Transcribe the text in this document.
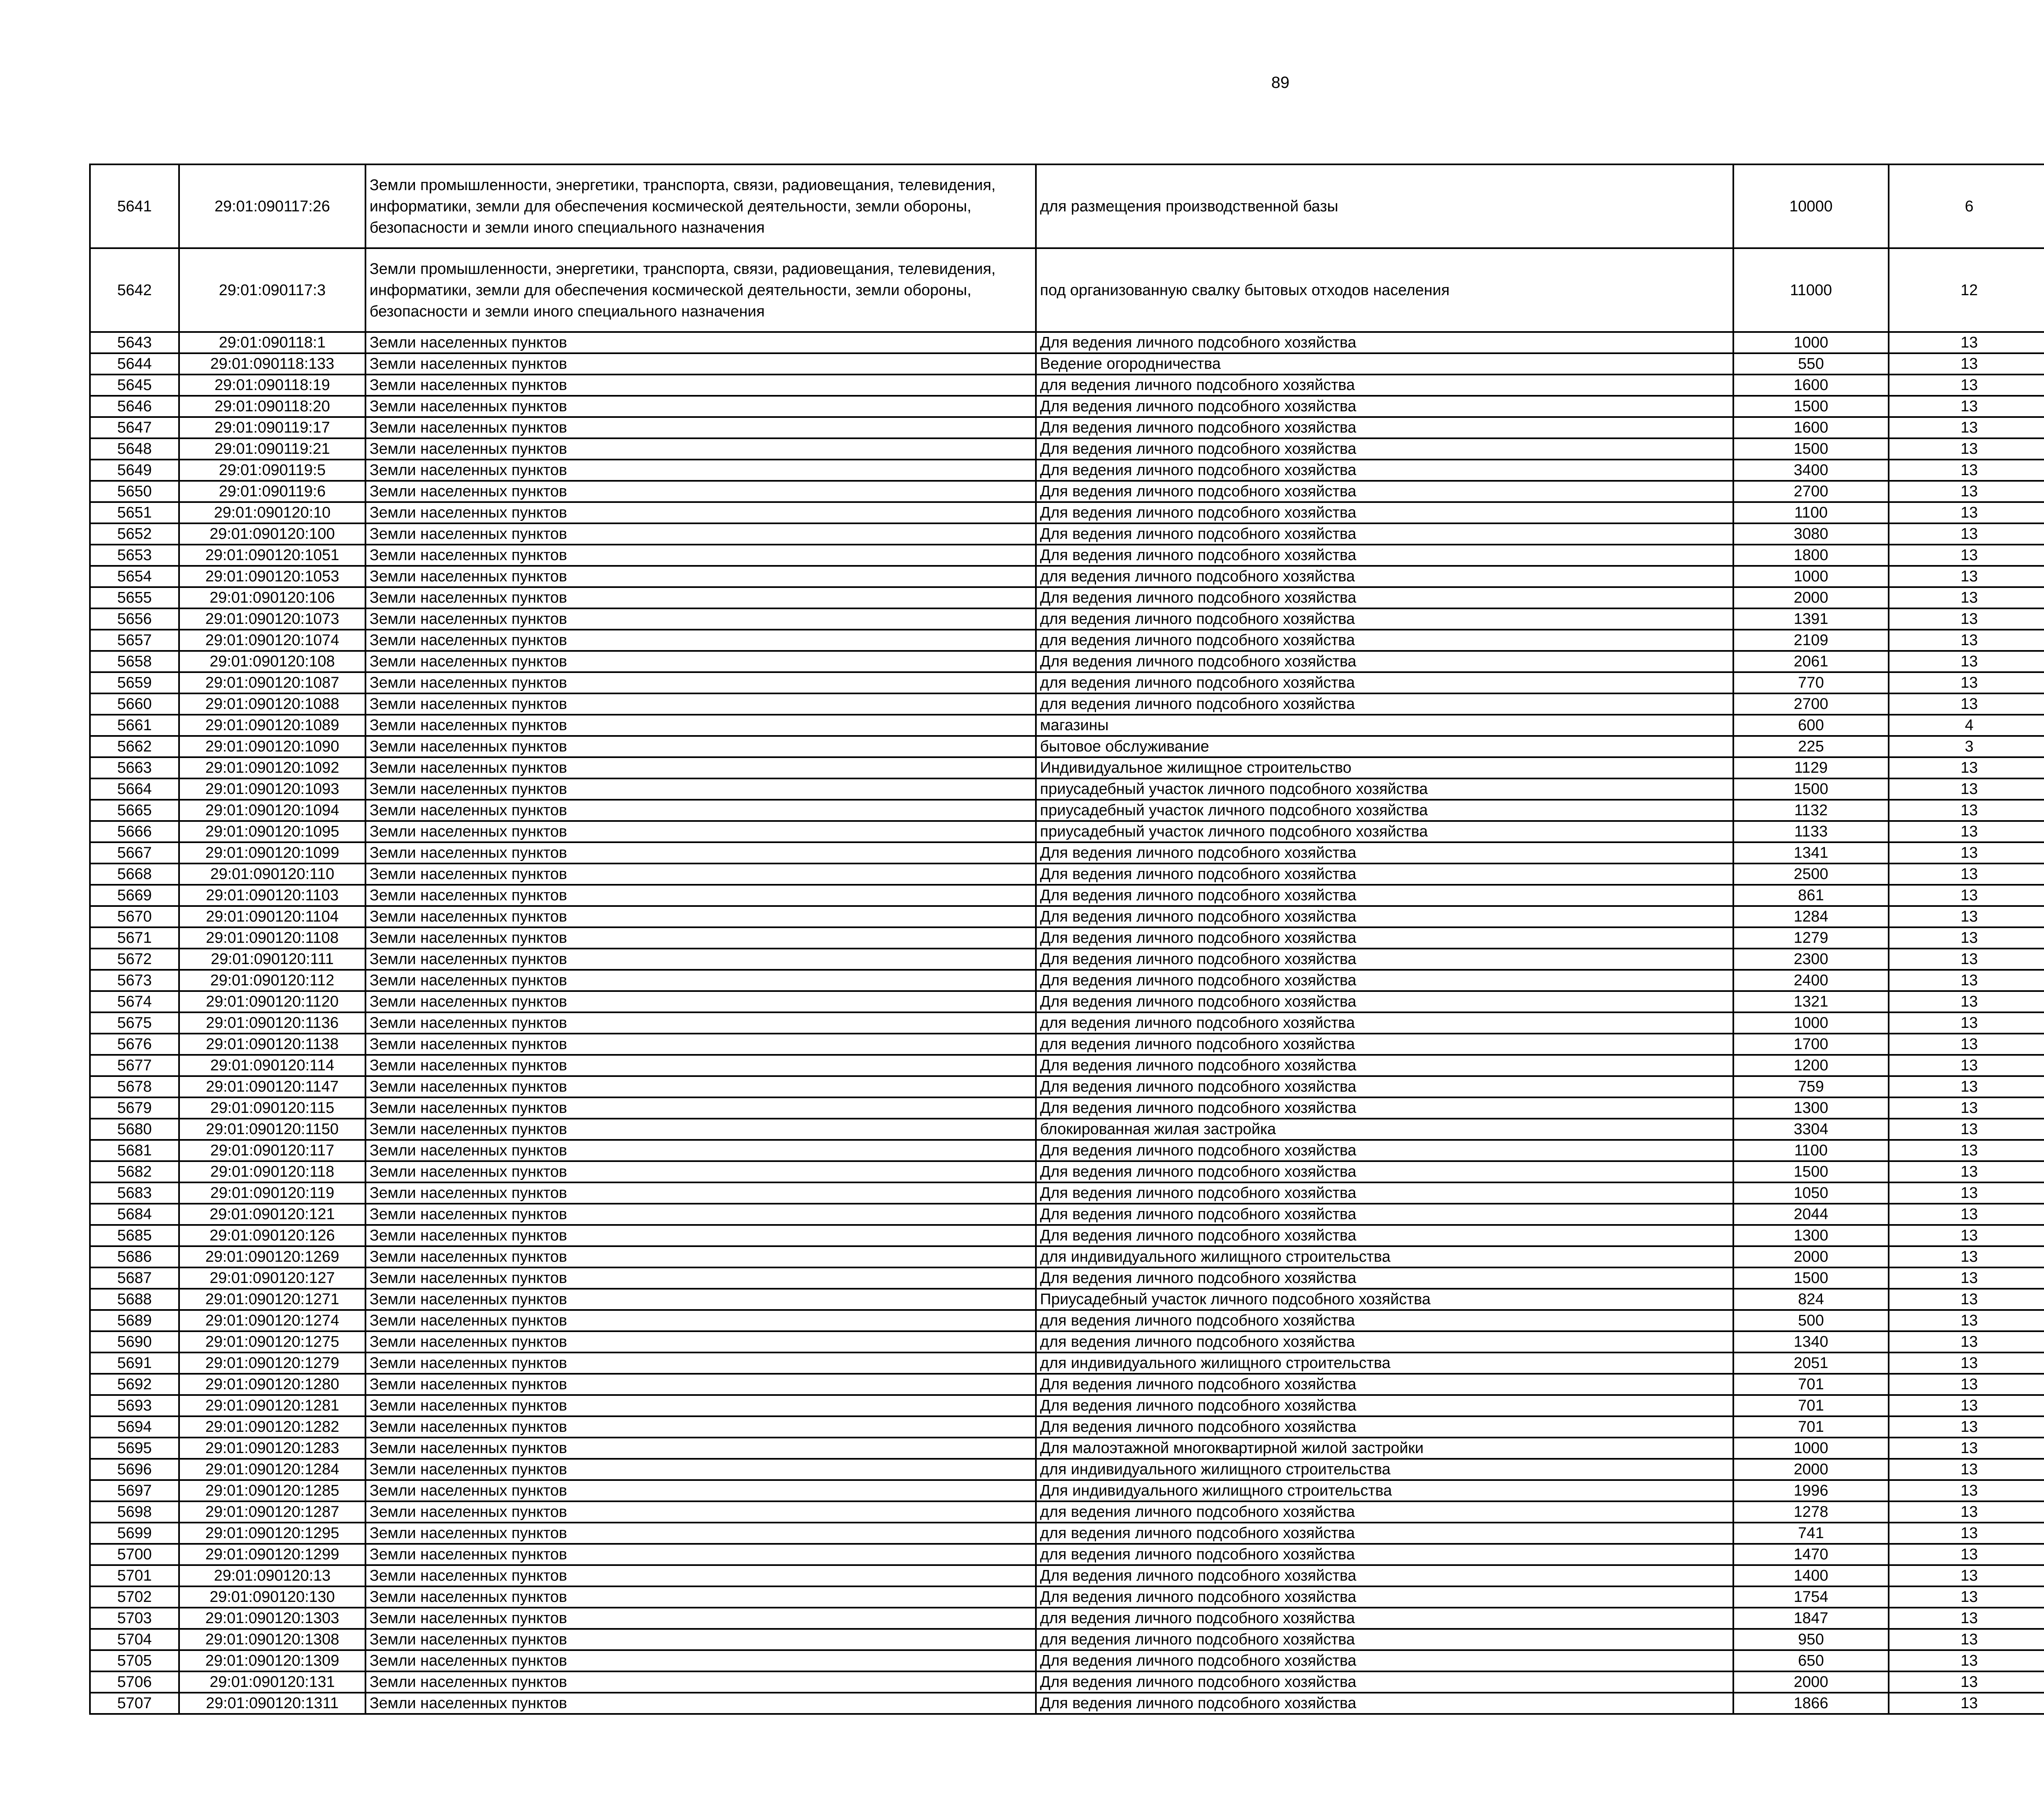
89
5641	29:01:090117:26	Земли промышленности, энергетики, транспорта, связи, радиовещания, телевидения, информатики, земли для обеспечения космической деятельности, земли обороны, безопасности и земли иного специального назначения	для размещения производственной базы	10000	6		
5642	29:01:090117:3	Земли промышленности, энергетики, транспорта, связи, радиовещания, телевидения, информатики, земли для обеспечения космической деятельности, земли обороны, безопасности и земли иного специального назначения	под организованную свалку бытовых отходов населения	11000	12		
5643	29:01:090118:1	Земли населенных пунктов	Для ведения личного подсобного хозяйства	1000	13		
5644	29:01:090118:133	Земли населенных пунктов	Ведение огородничества	550	13		
5645	29:01:090118:19	Земли населенных пунктов	для ведения личного подсобного хозяйства	1600	13		
5646	29:01:090118:20	Земли населенных пунктов	Для ведения личного подсобного хозяйства	1500	13		
5647	29:01:090119:17	Земли населенных пунктов	Для ведения личного подсобного хозяйства	1600	13		
5648	29:01:090119:21	Земли населенных пунктов	Для ведения личного подсобного хозяйства	1500	13		
5649	29:01:090119:5	Земли населенных пунктов	Для ведения личного подсобного хозяйства	3400	13		
5650	29:01:090119:6	Земли населенных пунктов	Для ведения личного подсобного хозяйства	2700	13		
5651	29:01:090120:10	Земли населенных пунктов	Для ведения личного подсобного хозяйства	1100	13		
5652	29:01:090120:100	Земли населенных пунктов	Для ведения личного подсобного хозяйства	3080	13		
5653	29:01:090120:1051	Земли населенных пунктов	Для ведения личного подсобного хозяйства	1800	13		
5654	29:01:090120:1053	Земли населенных пунктов	для ведения личного подсобного хозяйства	1000	13		
5655	29:01:090120:106	Земли населенных пунктов	Для ведения личного подсобного хозяйства	2000	13		
5656	29:01:090120:1073	Земли населенных пунктов	для ведения личного подсобного хозяйства	1391	13		
5657	29:01:090120:1074	Земли населенных пунктов	для ведения личного подсобного хозяйства	2109	13		
5658	29:01:090120:108	Земли населенных пунктов	Для ведения личного подсобного хозяйства	2061	13		
5659	29:01:090120:1087	Земли населенных пунктов	для ведения личного подсобного хозяйства	770	13		
5660	29:01:090120:1088	Земли населенных пунктов	для ведения личного подсобного хозяйства	2700	13		
5661	29:01:090120:1089	Земли населенных пунктов	магазины	600	4		
5662	29:01:090120:1090	Земли населенных пунктов	бытовое обслуживание	225	3		
5663	29:01:090120:1092	Земли населенных пунктов	Индивидуальное жилищное строительство	1129	13		
5664	29:01:090120:1093	Земли населенных пунктов	приусадебный участок личного подсобного хозяйства	1500	13		
5665	29:01:090120:1094	Земли населенных пунктов	приусадебный участок личного подсобного хозяйства	1132	13		
5666	29:01:090120:1095	Земли населенных пунктов	приусадебный участок личного подсобного хозяйства	1133	13		
5667	29:01:090120:1099	Земли населенных пунктов	Для ведения личного подсобного хозяйства	1341	13		
5668	29:01:090120:110	Земли населенных пунктов	Для ведения личного подсобного хозяйства	2500	13		
5669	29:01:090120:1103	Земли населенных пунктов	Для ведения личного подсобного хозяйства	861	13		
5670	29:01:090120:1104	Земли населенных пунктов	Для ведения личного подсобного хозяйства	1284	13		
5671	29:01:090120:1108	Земли населенных пунктов	Для ведения личного подсобного хозяйства	1279	13		
5672	29:01:090120:111	Земли населенных пунктов	Для ведения личного подсобного хозяйства	2300	13		
5673	29:01:090120:112	Земли населенных пунктов	Для ведения личного подсобного хозяйства	2400	13		
5674	29:01:090120:1120	Земли населенных пунктов	Для ведения личного подсобного хозяйства	1321	13		
5675	29:01:090120:1136	Земли населенных пунктов	для ведения личного подсобного хозяйства	1000	13		
5676	29:01:090120:1138	Земли населенных пунктов	для ведения личного подсобного хозяйства	1700	13		
5677	29:01:090120:114	Земли населенных пунктов	Для ведения личного подсобного хозяйства	1200	13		
5678	29:01:090120:1147	Земли населенных пунктов	Для ведения личного подсобного хозяйства	759	13		
5679	29:01:090120:115	Земли населенных пунктов	Для ведения личного подсобного хозяйства	1300	13		
5680	29:01:090120:1150	Земли населенных пунктов	блокированная жилая застройка	3304	13		
5681	29:01:090120:117	Земли населенных пунктов	Для ведения личного подсобного хозяйства	1100	13		
5682	29:01:090120:118	Земли населенных пунктов	Для ведения личного подсобного хозяйства	1500	13		
5683	29:01:090120:119	Земли населенных пунктов	Для ведения личного подсобного хозяйства	1050	13		
5684	29:01:090120:121	Земли населенных пунктов	Для ведения личного подсобного хозяйства	2044	13		
5685	29:01:090120:126	Земли населенных пунктов	Для ведения личного подсобного хозяйства	1300	13		
5686	29:01:090120:1269	Земли населенных пунктов	для индивидуального жилищного строительства	2000	13		
5687	29:01:090120:127	Земли населенных пунктов	Для ведения личного подсобного хозяйства	1500	13		
5688	29:01:090120:1271	Земли населенных пунктов	Приусадебный участок личного подсобного хозяйства	824	13		
5689	29:01:090120:1274	Земли населенных пунктов	для ведения личного подсобного хозяйства	500	13		
5690	29:01:090120:1275	Земли населенных пунктов	для ведения личного подсобного хозяйства	1340	13		
5691	29:01:090120:1279	Земли населенных пунктов	для индивидуального жилищного строительства	2051	13		
5692	29:01:090120:1280	Земли населенных пунктов	Для ведения личного подсобного хозяйства	701	13		
5693	29:01:090120:1281	Земли населенных пунктов	Для ведения личного подсобного хозяйства	701	13		
5694	29:01:090120:1282	Земли населенных пунктов	Для ведения личного подсобного хозяйства	701	13		
5695	29:01:090120:1283	Земли населенных пунктов	Для малоэтажной многоквартирной жилой застройки	1000	13		
5696	29:01:090120:1284	Земли населенных пунктов	для индивидуального жилищного строительства	2000	13		
5697	29:01:090120:1285	Земли населенных пунктов	Для индивидуального жилищного строительства	1996	13		
5698	29:01:090120:1287	Земли населенных пунктов	для ведения личного подсобного хозяйства	1278	13		
5699	29:01:090120:1295	Земли населенных пунктов	для ведения личного подсобного хозяйства	741	13		
5700	29:01:090120:1299	Земли населенных пунктов	для ведения личного подсобного хозяйства	1470	13		
5701	29:01:090120:13	Земли населенных пунктов	Для ведения личного подсобного хозяйства	1400	13		
5702	29:01:090120:130	Земли населенных пунктов	Для ведения личного подсобного хозяйства	1754	13		
5703	29:01:090120:1303	Земли населенных пунктов	для ведения личного подсобного хозяйства	1847	13		
5704	29:01:090120:1308	Земли населенных пунктов	для ведения личного подсобного хозяйства	950	13		
5705	29:01:090120:1309	Земли населенных пунктов	Для ведения личного подсобного хозяйства	650	13		
5706	29:01:090120:131	Земли населенных пунктов	Для ведения личного подсобного хозяйства	2000	13		
5707	29:01:090120:1311	Земли населенных пунктов	Для ведения личного подсобного хозяйства	1866	13		
